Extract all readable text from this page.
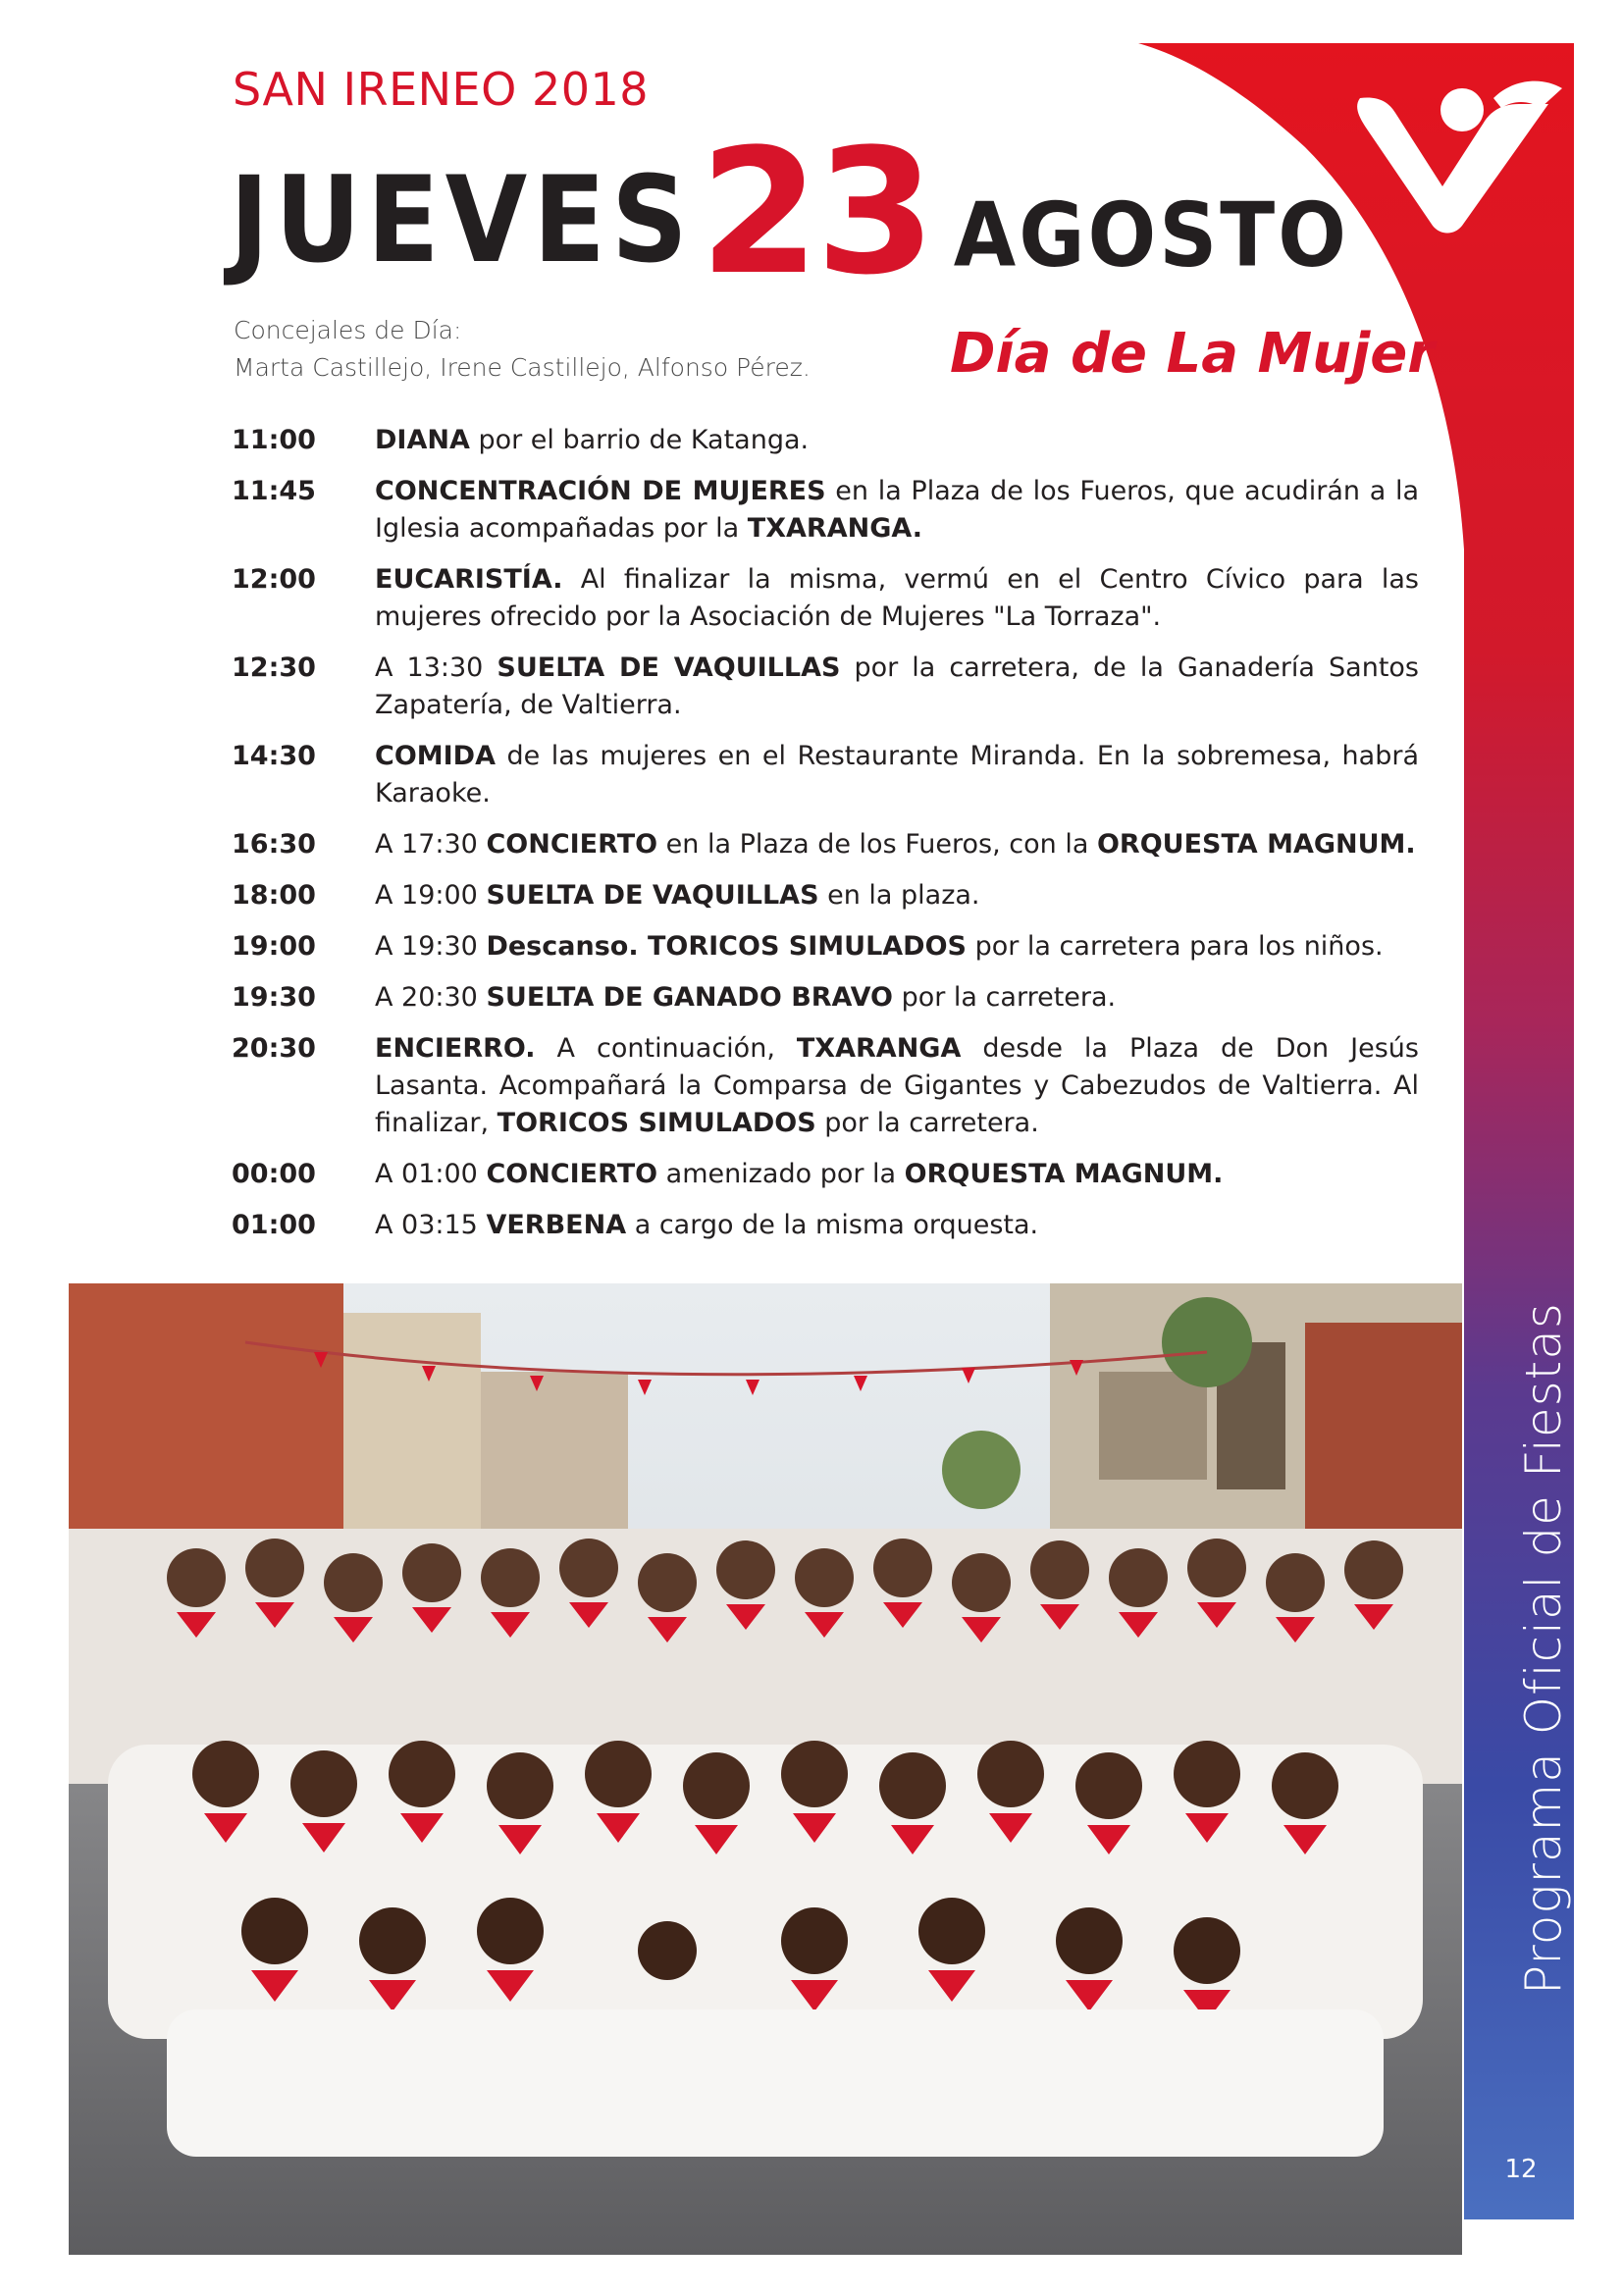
SAN IRENEO 2018
JUEVES 23 AGOSTO
Concejales de Día:
Marta Castillejo, Irene Castillejo, Alfonso Pérez.	Día de La Mujer
11:00	DIANA por el barrio de Katanga.
11:45	CONCENTRACIÓN DE MUJERES en la Plaza de los Fueros, que acudirán a la Iglesia acompañadas por la TXARANGA.
12:00	EUCARISTÍA. Al finalizar la misma, vermú en el Centro Cívico para las mujeres ofrecido por la Asociación de Mujeres "La Torraza".
12:30	A 13:30 SUELTA DE VAQUILLAS por la carretera, de la Ganadería Santos Zapatería, de Valtierra.
14:30	COMIDA de las mujeres en el Restaurante Miranda. En la sobremesa, habrá Karaoke.
16:30	A 17:30 CONCIERTO en la Plaza de los Fueros, con la ORQUESTA MAGNUM.
18:00	A 19:00 SUELTA DE VAQUILLAS en la plaza.
19:00	A 19:30 Descanso. TORICOS SIMULADOS por la carretera para los niños.
19:30	A 20:30 SUELTA DE GANADO BRAVO por la carretera.
20:30	ENCIERRO. A continuación, TXARANGA desde la Plaza de Don Jesús Lasanta. Acompañará la Comparsa de Gigantes y Cabezudos de Valtierra. Al finalizar, TORICOS SIMULADOS por la carretera.
00:00	A 01:00 CONCIERTO amenizado por la ORQUESTA MAGNUM.
01:00	A 03:15 VERBENA a cargo de la misma orquesta.
Programa Oficial de Fiestas
12
